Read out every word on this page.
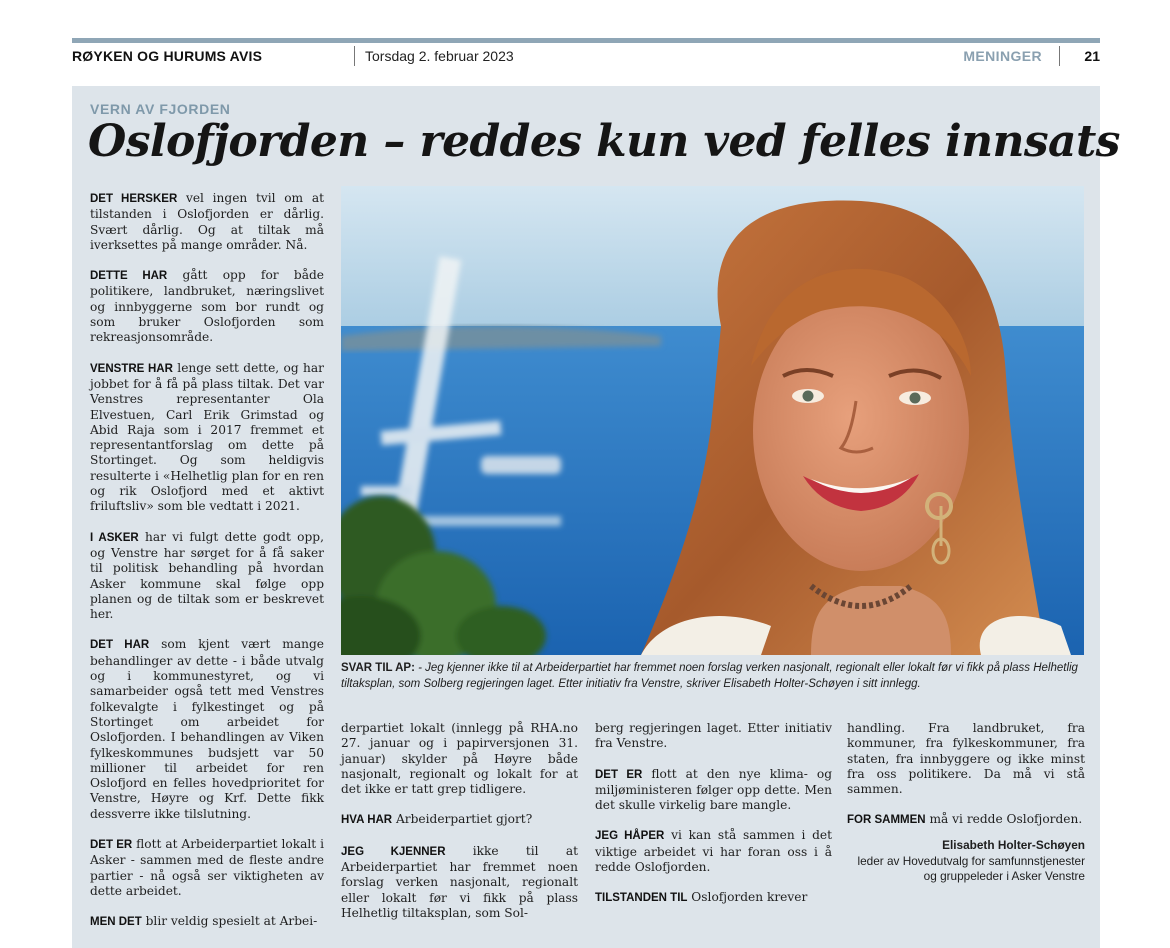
RØYKEN OG HURUMS AVIS	Torsdag 2. februar 2023	MENINGER	21
VERN AV FJORDEN
Oslofjorden – reddes kun ved felles innsats

DET HERSKER vel ingen tvil om at tilstanden i Oslofjorden er dårlig. Svært dårlig. Og at tiltak må iverksettes på mange områder. Nå.

DETTE HAR gått opp for både politikere, landbruket, næringslivet og innbyggerne som bor rundt og som bruker Oslofjorden som rekreasjonsområde.

VENSTRE HAR lenge sett dette, og har jobbet for å få på plass tiltak. Det var Venstres representanter Ola Elvestuen, Carl Erik Grimstad og Abid Raja som i 2017 fremmet et representantforslag om dette på Stortinget. Og som heldigvis resulterte i «Helhetlig plan for en ren og rik Oslofjord med et aktivt friluftsliv» som ble vedtatt i 2021.

I ASKER har vi fulgt dette godt opp, og Venstre har sørget for å få saker til politisk behandling på hvordan Asker kommune skal følge opp planen og de tiltak som er beskrevet her.

DET HAR som kjent vært mange behandlinger av dette - i både utvalg og i kommunestyret, og vi samarbeider også tett med Venstres folkevalgte i fylkestinget og på Stortinget om arbeidet for Oslofjorden. I behandlingen av Viken fylkeskommunes budsjett var 50 millioner til arbeidet for ren Oslofjord en felles hovedprioritet for Venstre, Høyre og Krf. Dette fikk dessverre ikke tilslutning.

DET ER flott at Arbeiderpartiet lokalt i Asker - sammen med de fleste andre partier - nå også ser viktigheten av dette arbeidet.

MEN DET blir veldig spesielt at Arbei-

SVAR TIL AP: - Jeg kjenner ikke til at Arbeiderpartiet har fremmet noen forslag verken nasjonalt, regionalt eller lokalt før vi fikk på plass Helhetlig tiltaksplan, som Solberg regjeringen laget. Etter initiativ fra Venstre, skriver Elisabeth Holter-Schøyen i sitt innlegg.

derpartiet lokalt (innlegg på RHA.no 27. januar og i papirversjonen 31. januar) skylder på Høyre både nasjonalt, regionalt og lokalt for at det ikke er tatt grep tidligere.

HVA HAR Arbeiderpartiet gjort?

JEG KJENNER ikke til at Arbeiderpartiet har fremmet noen forslag verken nasjonalt, regionalt eller lokalt før vi fikk på plass Helhetlig tiltaksplan, som Sol-

berg regjeringen laget. Etter initiativ fra Venstre.

DET ER flott at den nye klima- og miljøministeren følger opp dette. Men det skulle virkelig bare mangle.

JEG HÅPER vi kan stå sammen i det viktige arbeidet vi har foran oss i å redde Oslofjorden.

TILSTANDEN TIL Oslofjorden krever

handling. Fra landbruket, fra kommuner, fra fylkeskommuner, fra staten, fra innbyggere og ikke minst fra oss politikere. Da må vi stå sammen.

FOR SAMMEN må vi redde Oslofjorden.

Elisabeth Holter-Schøyen
leder av Hovedutvalg for samfunnstjenester og gruppeleder i Asker Venstre
